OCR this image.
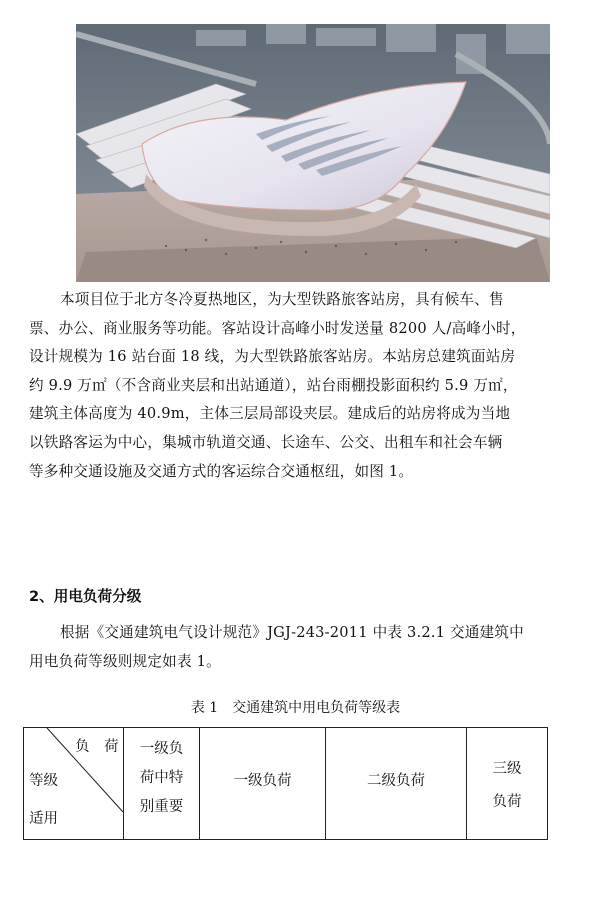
本项目位于北方冬冷夏热地区，为大型铁路旅客站房，具有候车、售
票、办公、商业服务等功能。客站设计高峰小时发送量 8200 人/高峰小时，
设计规模为 16 站台面 18 线，为大型铁路旅客站房。本站房总建筑面站房
约 9.9 万㎡（不含商业夹层和出站通道），站台雨棚投影面积约 5.9 万㎡，
建筑主体高度为 40.9m，主体三层局部设夹层。建成后的站房将成为当地
以铁路客运为中心，集城市轨道交通、长途车、公交、出租车和社会车辆
等多种交通设施及交通方式的客运综合交通枢纽，如图 1。

2、用电负荷分级

根据《交通建筑电气设计规范》JGJ-243-2011 中表 3.2.1 交通建筑中
用电负荷等级则规定如表 1。

表 1　交通建筑中用电负荷等级表

负　荷
等级
适用
一级负
荷中特
别重要
一级负荷	二级负荷
三级
负荷
